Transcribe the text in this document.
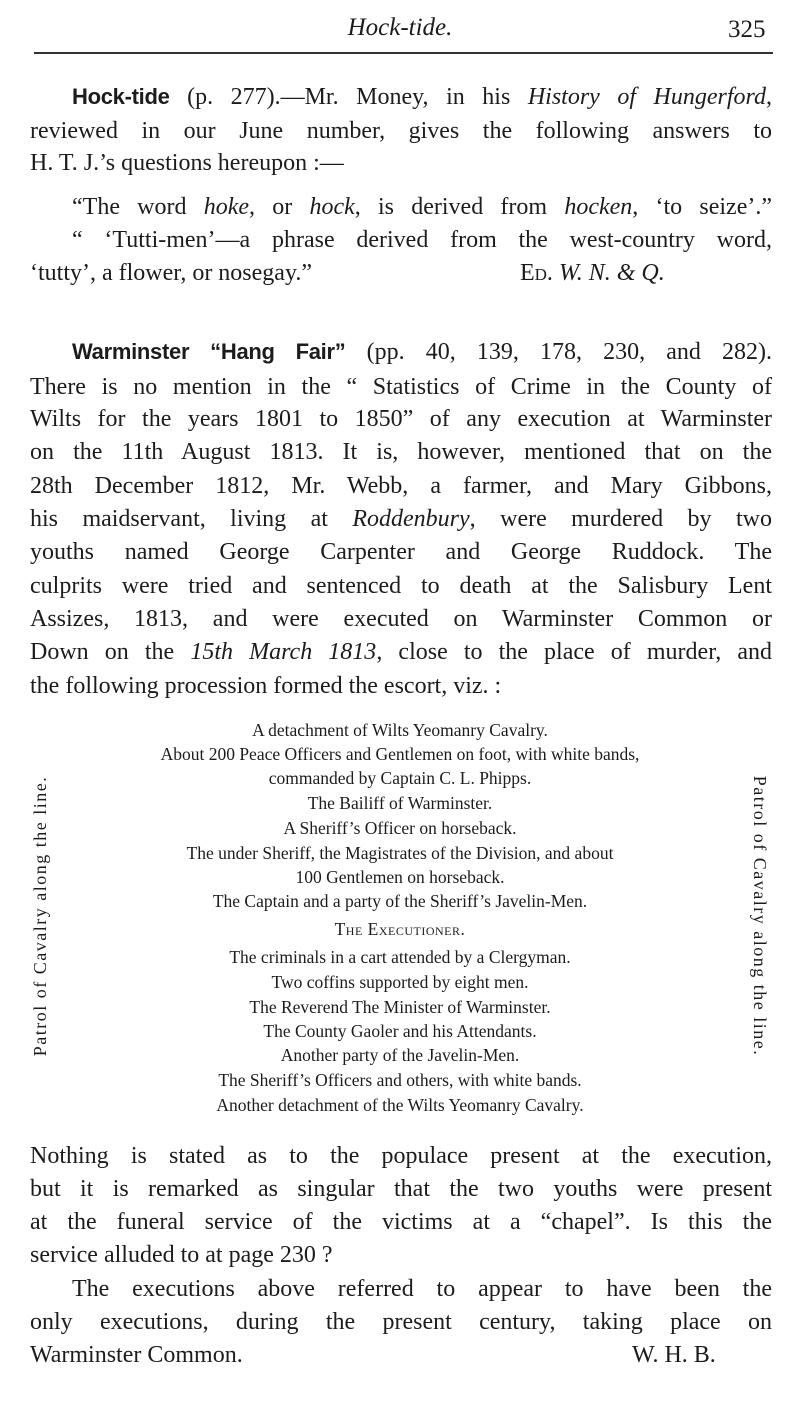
Hock-tide.	325
Hock-tide (p. 277).—Mr. Money, in his History of Hungerford,
reviewed in our June number, gives the following answers to
H. T. J.’s questions hereupon :—
“The word hoke, or hock, is derived from hocken, ‘to seize’.”
“ ‘Tutti-men’—a phrase derived from the west-country word,
‘tutty’, a flower, or nosegay.”
Warminster “Hang Fair” (pp. 40, 139, 178, 230, and 282).
There is no mention in the “ Statistics of Crime in the County of
Wilts for the years 1801 to 1850” of any execution at Warminster
on the 11th August 1813. It is, however, mentioned that on the
28th December 1812, Mr. Webb, a farmer, and Mary Gibbons,
his maidservant, living at Roddenbury, were murdered by two
youths named George Carpenter and George Ruddock. The
culprits were tried and sentenced to death at the Salisbury Lent
Assizes, 1813, and were executed on Warminster Common or
Down on the 15th March 1813, close to the place of murder, and
the following procession formed the escort, viz. :
Nothing is stated as to the populace present at the execution,
but it is remarked as singular that the two youths were present
at the funeral service of the victims at a “chapel”. Is this the
service alluded to at page 230 ?
The executions above referred to appear to have been the
only executions, during the present century, taking place on
Warminster Common.
Ed. W. N. & Q.
W. H. B.
A detachment of Wilts Yeomanry Cavalry.
About 200 Peace Officers and Gentlemen on foot, with white bands,
commanded by Captain C. L. Phipps.
The Bailiff of Warminster.
A Sheriff’s Officer on horseback.
The under Sheriff, the Magistrates of the Division, and about
100 Gentlemen on horseback.
The Captain and a party of the Sheriff’s Javelin-Men.
The Executioner.
The criminals in a cart attended by a Clergyman.
Two coffins supported by eight men.
The Reverend The Minister of Warminster.
The County Gaoler and his Attendants.
Another party of the Javelin-Men.
The Sheriff’s Officers and others, with white bands.
Another detachment of the Wilts Yeomanry Cavalry.
Patrol of Cavalry along the line.	Patrol of Cavalry along the line.
